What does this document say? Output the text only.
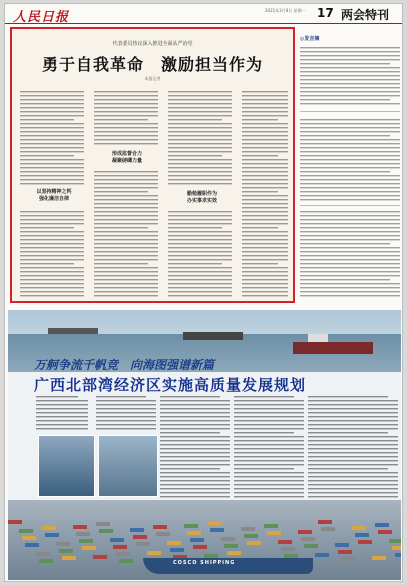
人民日报	2021年3月8日 星期一 17 两会特刊
代表委员热议深入推进全面从严治党
勇于自我革命　激励担当作为
本报记者
形成监督合力
凝聚磅礴力量
以坚持精神之钙
强化廉洁自律
勤勉履职作为
办实事求实效
◎发言摘
万舸争流千帆竞　向海图强谱新篇
广西北部湾经济区实施高质量发展规划
COSCO SHIPPING
